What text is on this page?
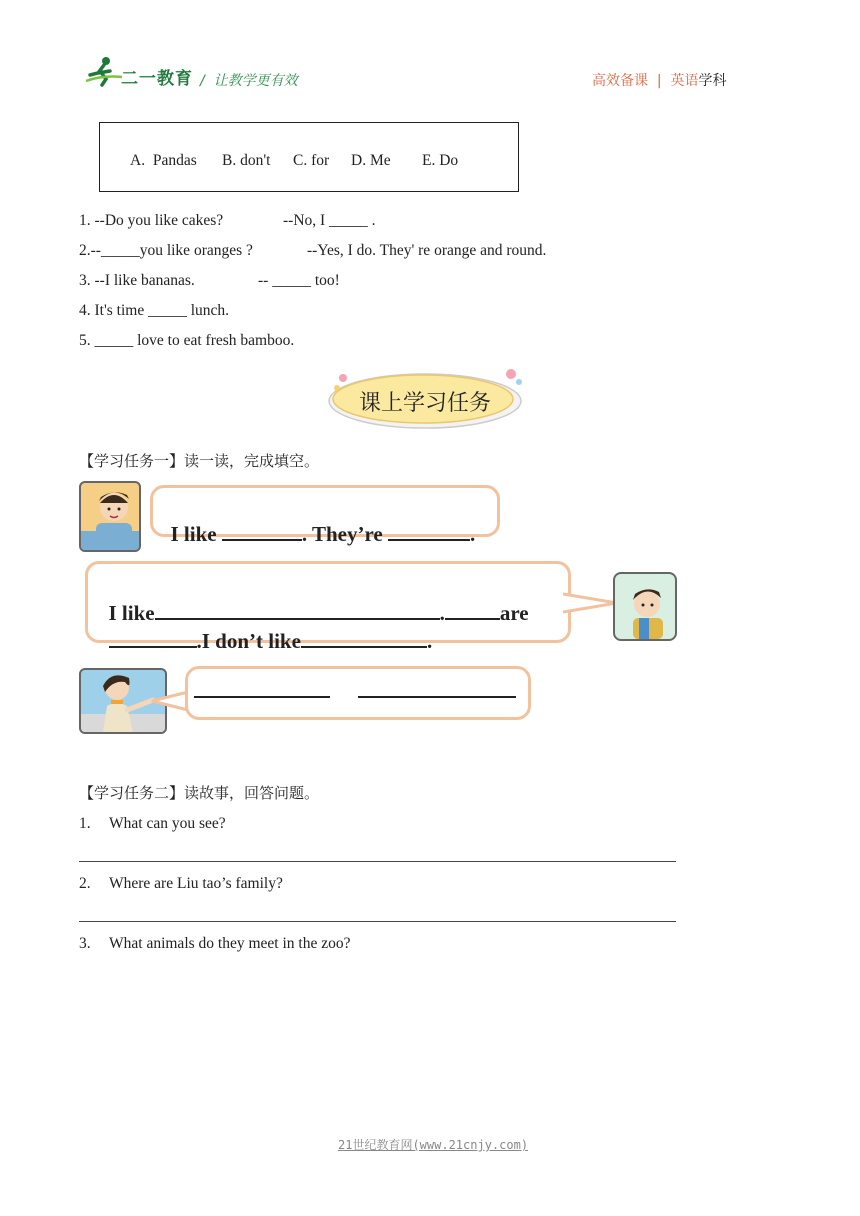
二一教育 /  让教学更有效	高效备课 | 英语学科
A.  Pandas B. don't C. for D. Me E. Do
1. --Do you like cakes?	--No, I _____ .
2.--_____you like oranges ?	--Yes, I do. They' re orange and round.
3. --I like bananas.	-- _____ too!
4. It's time _____ lunch.
5. _____ love to eat fresh bamboo.
课上学习任务
【学习任务一】读一读，完成填空。

I like	. They’re	.

I like	.	are

.I don’t like	.

【学习任务二】读故事，回答问题。
1. What can you see?
2. Where are Liu tao’s family?
3. What animals do they meet in the zoo?
21世纪教育网(www.21cnjy.com)
